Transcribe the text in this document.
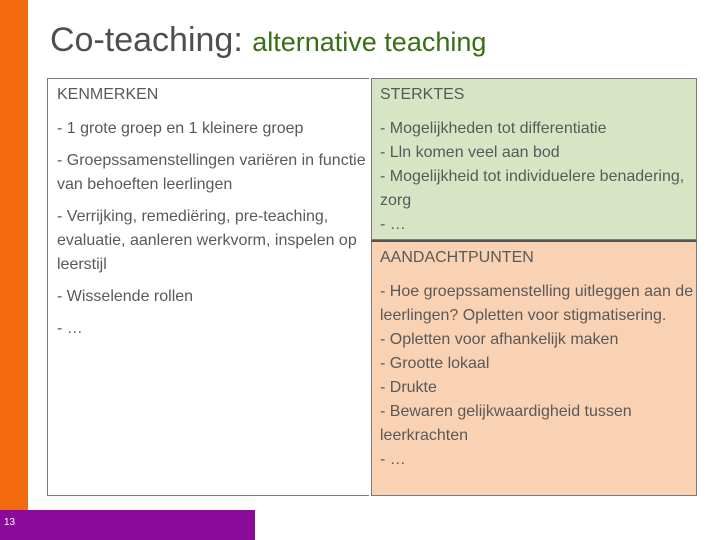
13
Co-teaching: alternative teaching
KENMERKEN
- 1 grote groep en 1 kleinere groep
- Groepssamenstellingen variëren in functie van behoeften leerlingen
- Verrijking, remediëring, pre-teaching, evaluatie, aanleren werkvorm, inspelen op leerstijl
- Wisselende rollen
- …
STERKTES
- Mogelijkheden tot differentiatie
- Lln komen veel aan bod
- Mogelijkheid tot individuelere benadering, zorg
- …
AANDACHTPUNTEN
- Hoe groepssamenstelling uitleggen aan de leerlingen? Opletten voor stigmatisering.
- Opletten voor afhankelijk maken
- Grootte lokaal
- Drukte
- Bewaren gelijkwaardigheid tussen leerkrachten
- …
